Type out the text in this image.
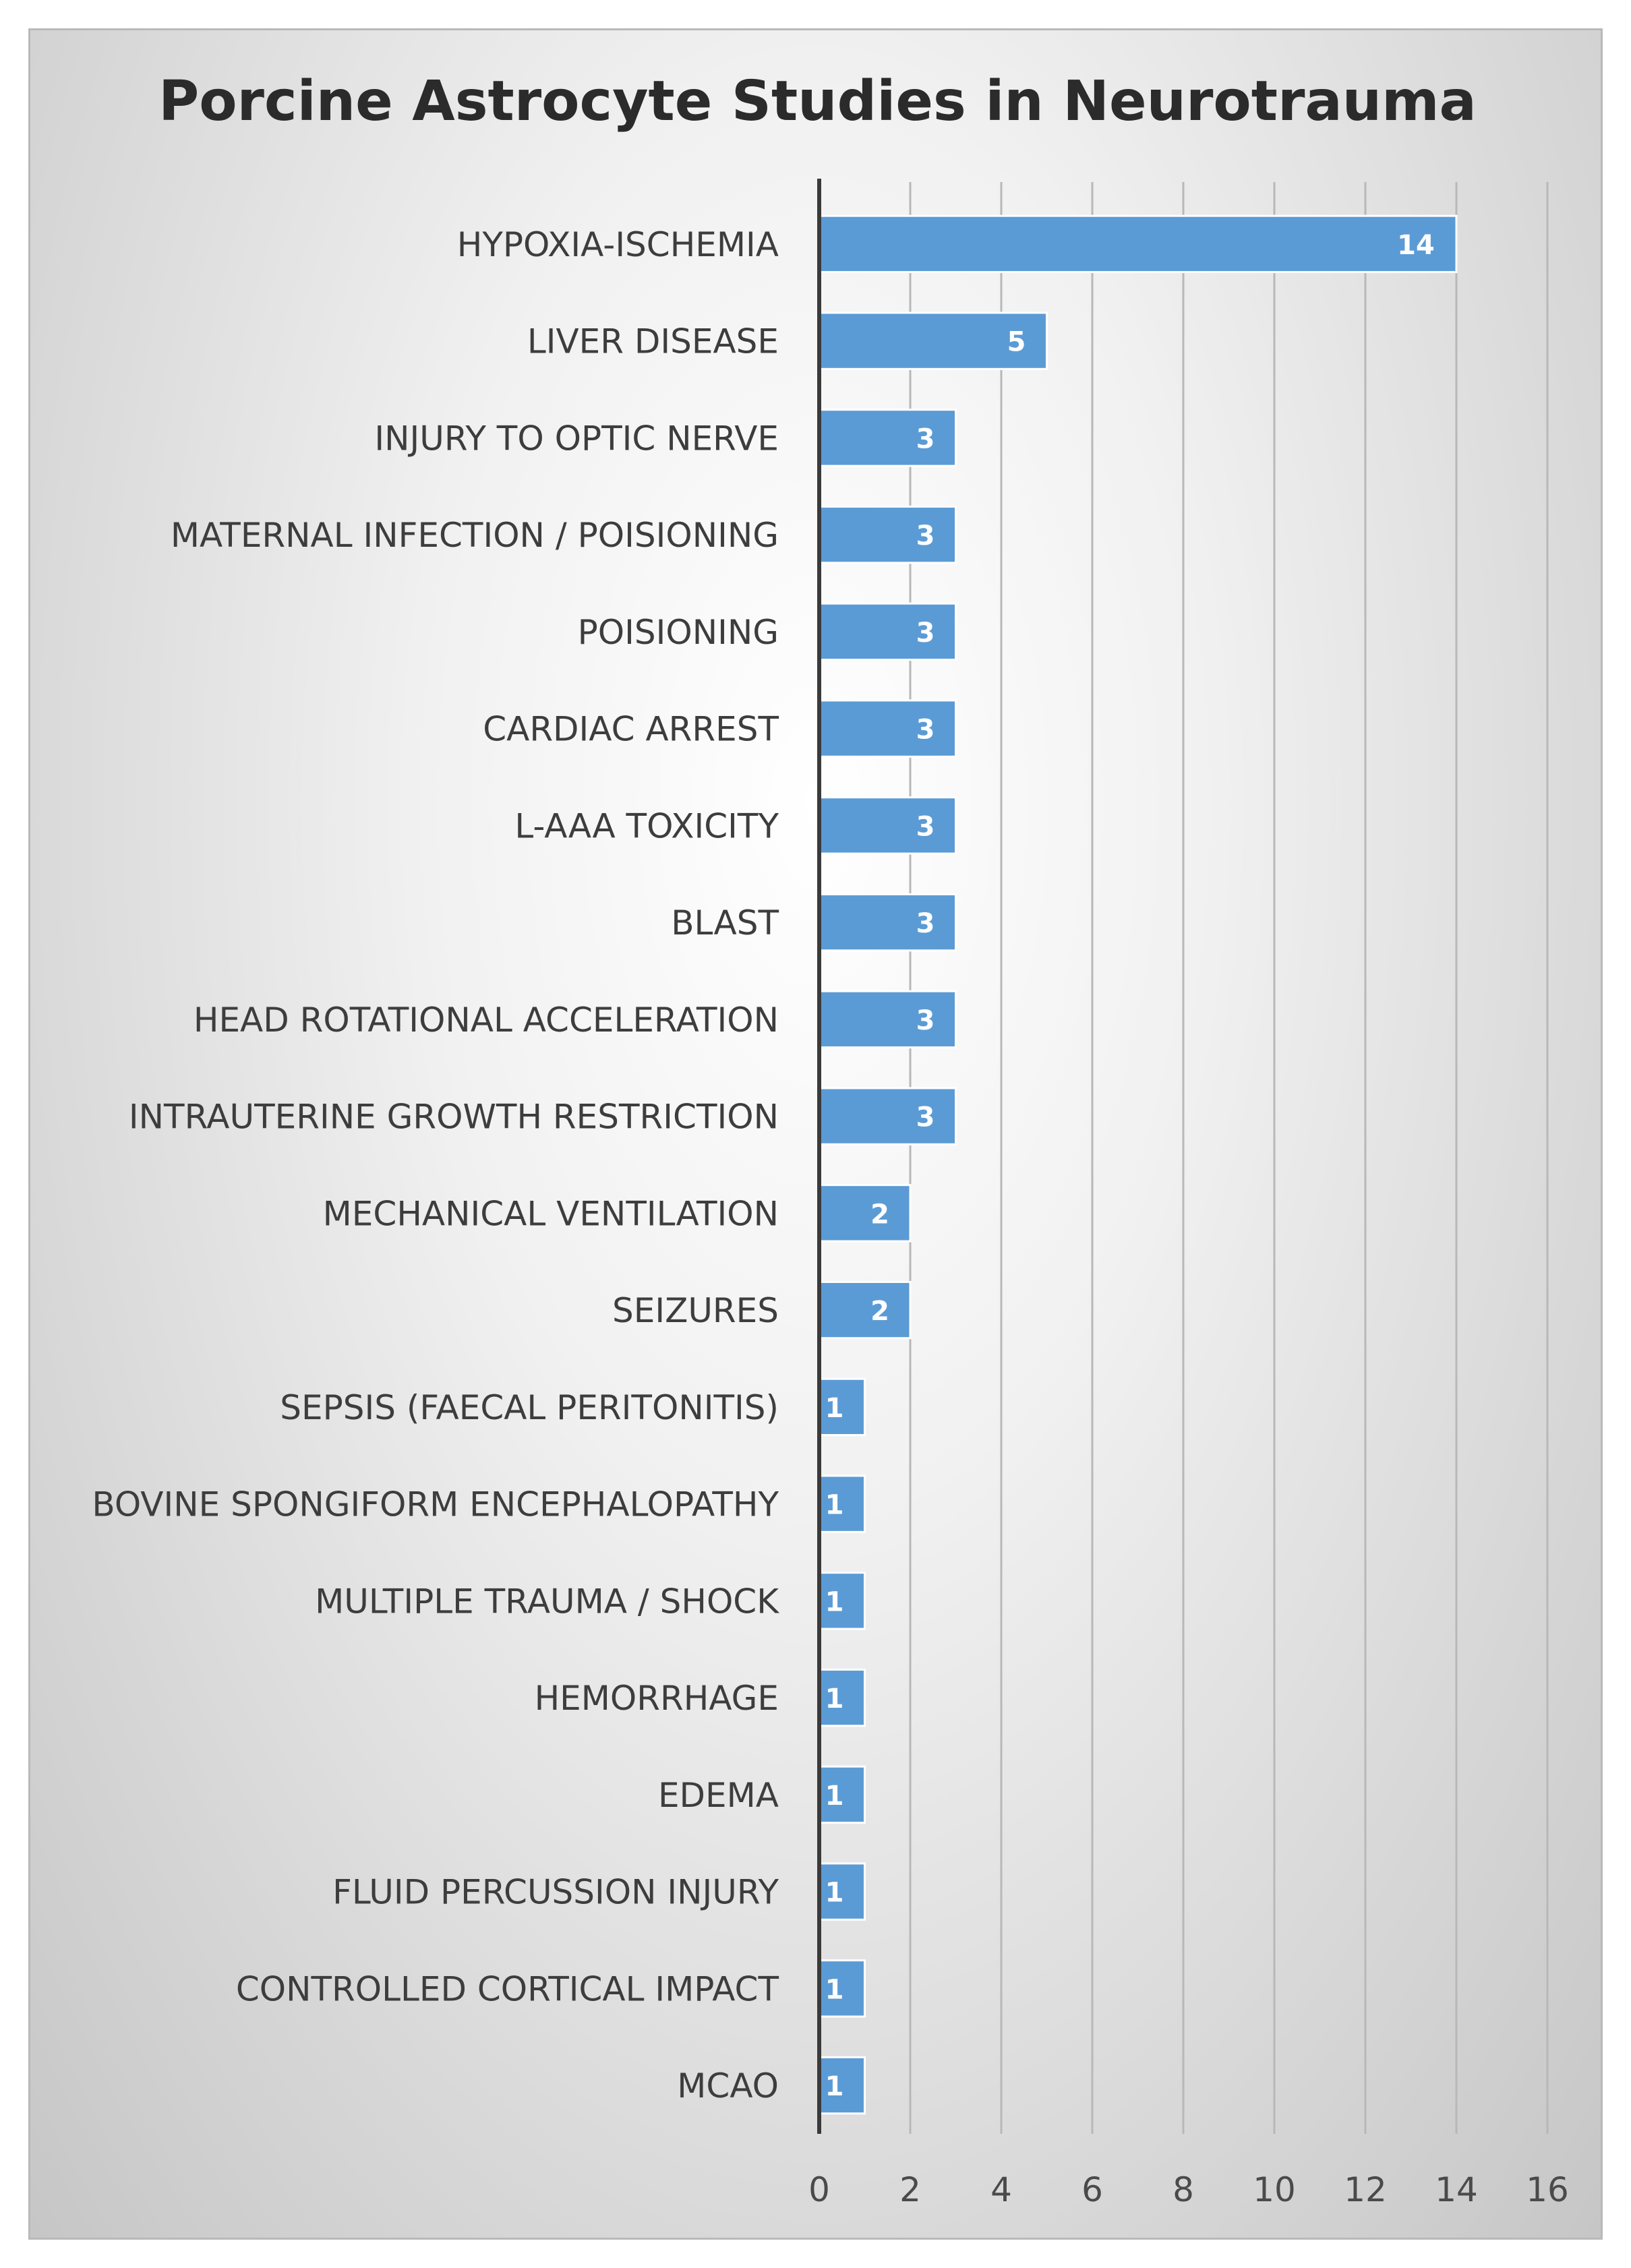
Porcine Astrocyte Studies in Neurotrauma
14
5
3
3
3
3
3
3
3
3
2
2
1
1
1
1
1
1
1
1
HYPOXIA-ISCHEMIA
LIVER DISEASE
INJURY TO OPTIC NERVE
MATERNAL INFECTION / POISIONING
POISIONING
CARDIAC ARREST
L-AAA TOXICITY
BLAST
HEAD ROTATIONAL ACCELERATION
INTRAUTERINE GROWTH RESTRICTION
MECHANICAL VENTILATION
SEIZURES
SEPSIS (FAECAL PERITONITIS)
BOVINE SPONGIFORM ENCEPHALOPATHY
MULTIPLE TRAUMA / SHOCK
HEMORRHAGE
EDEMA
FLUID PERCUSSION INJURY
CONTROLLED CORTICAL IMPACT
MCAO
0 2 4 6 8 10 12 14 16
